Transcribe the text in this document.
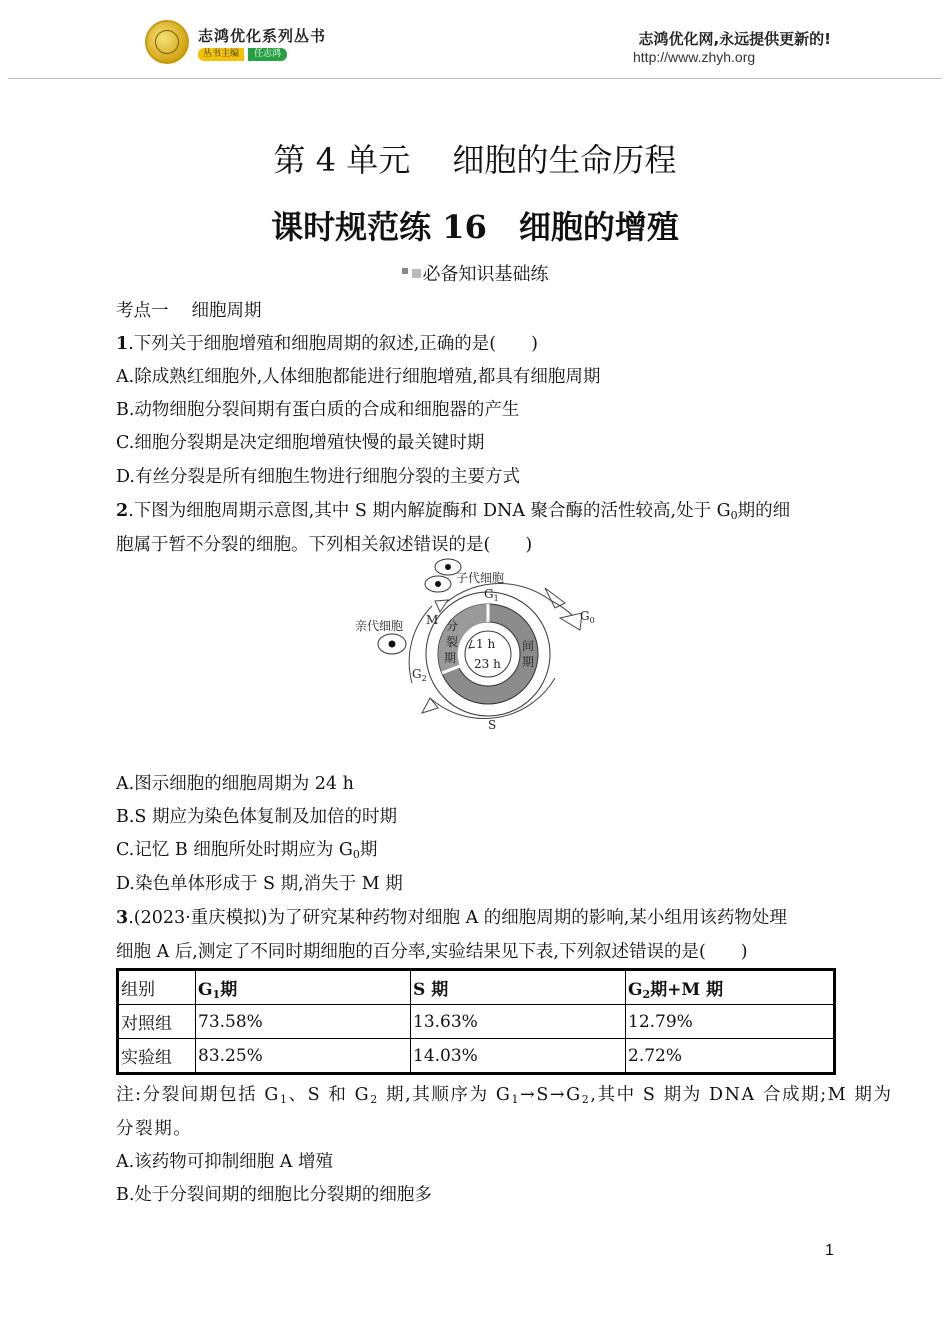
志鸿优化系列丛书
丛书主编	任志鸿
志鸿优化网,永远提供更新的!
http://www.zhyh.org
第 4 单元　 细胞的生命历程
课时规范练 16　细胞的增殖
必备知识基础练
考点一　 细胞周期
1.下列关于细胞增殖和细胞周期的叙述,正确的是(　　)
A.除成熟红细胞外,人体细胞都能进行细胞增殖,都具有细胞周期
B.动物细胞分裂间期有蛋白质的合成和细胞器的产生
C.细胞分裂期是决定细胞增殖快慢的最关键时期
D.有丝分裂是所有细胞生物进行细胞分裂的主要方式
2.下图为细胞周期示意图,其中 S 期内解旋酶和 DNA 聚合酶的活性较高,处于 $G_0$期的细
胞属于暂不分裂的细胞。下列相关叙述错误的是(　　)
子代细胞
亲代细胞
$G_1$
$G_0$
M
$G_2$
S
分
裂
期
间
期
1 h
23 h
A.图示细胞的细胞周期为 24 h
B.S 期应为染色体复制及加倍的时期
C.记忆 B 细胞所处时期应为 $G_0$期
D.染色单体形成于 S 期,消失于 M 期
3.(2023·重庆模拟)为了研究某种药物对细胞 A 的细胞周期的影响,某小组用该药物处理
细胞 A 后,测定了不同时期细胞的百分率,实验结果见下表,下列叙述错误的是(　　)
组别	$G_1$期	S 期	$G_2$期+M 期
对照组	73.58%	13.63%	12.79%
实验组	83.25%	14.03%	2.72%
注:分裂间期包括 $G_1$、S 和 $G_2$ 期,其顺序为 $G_1\to S\to G_2$,其中 S 期为 DNA 合成期;M 期为
分裂期。
A.该药物可抑制细胞 A 增殖
B.处于分裂间期的细胞比分裂期的细胞多
1
